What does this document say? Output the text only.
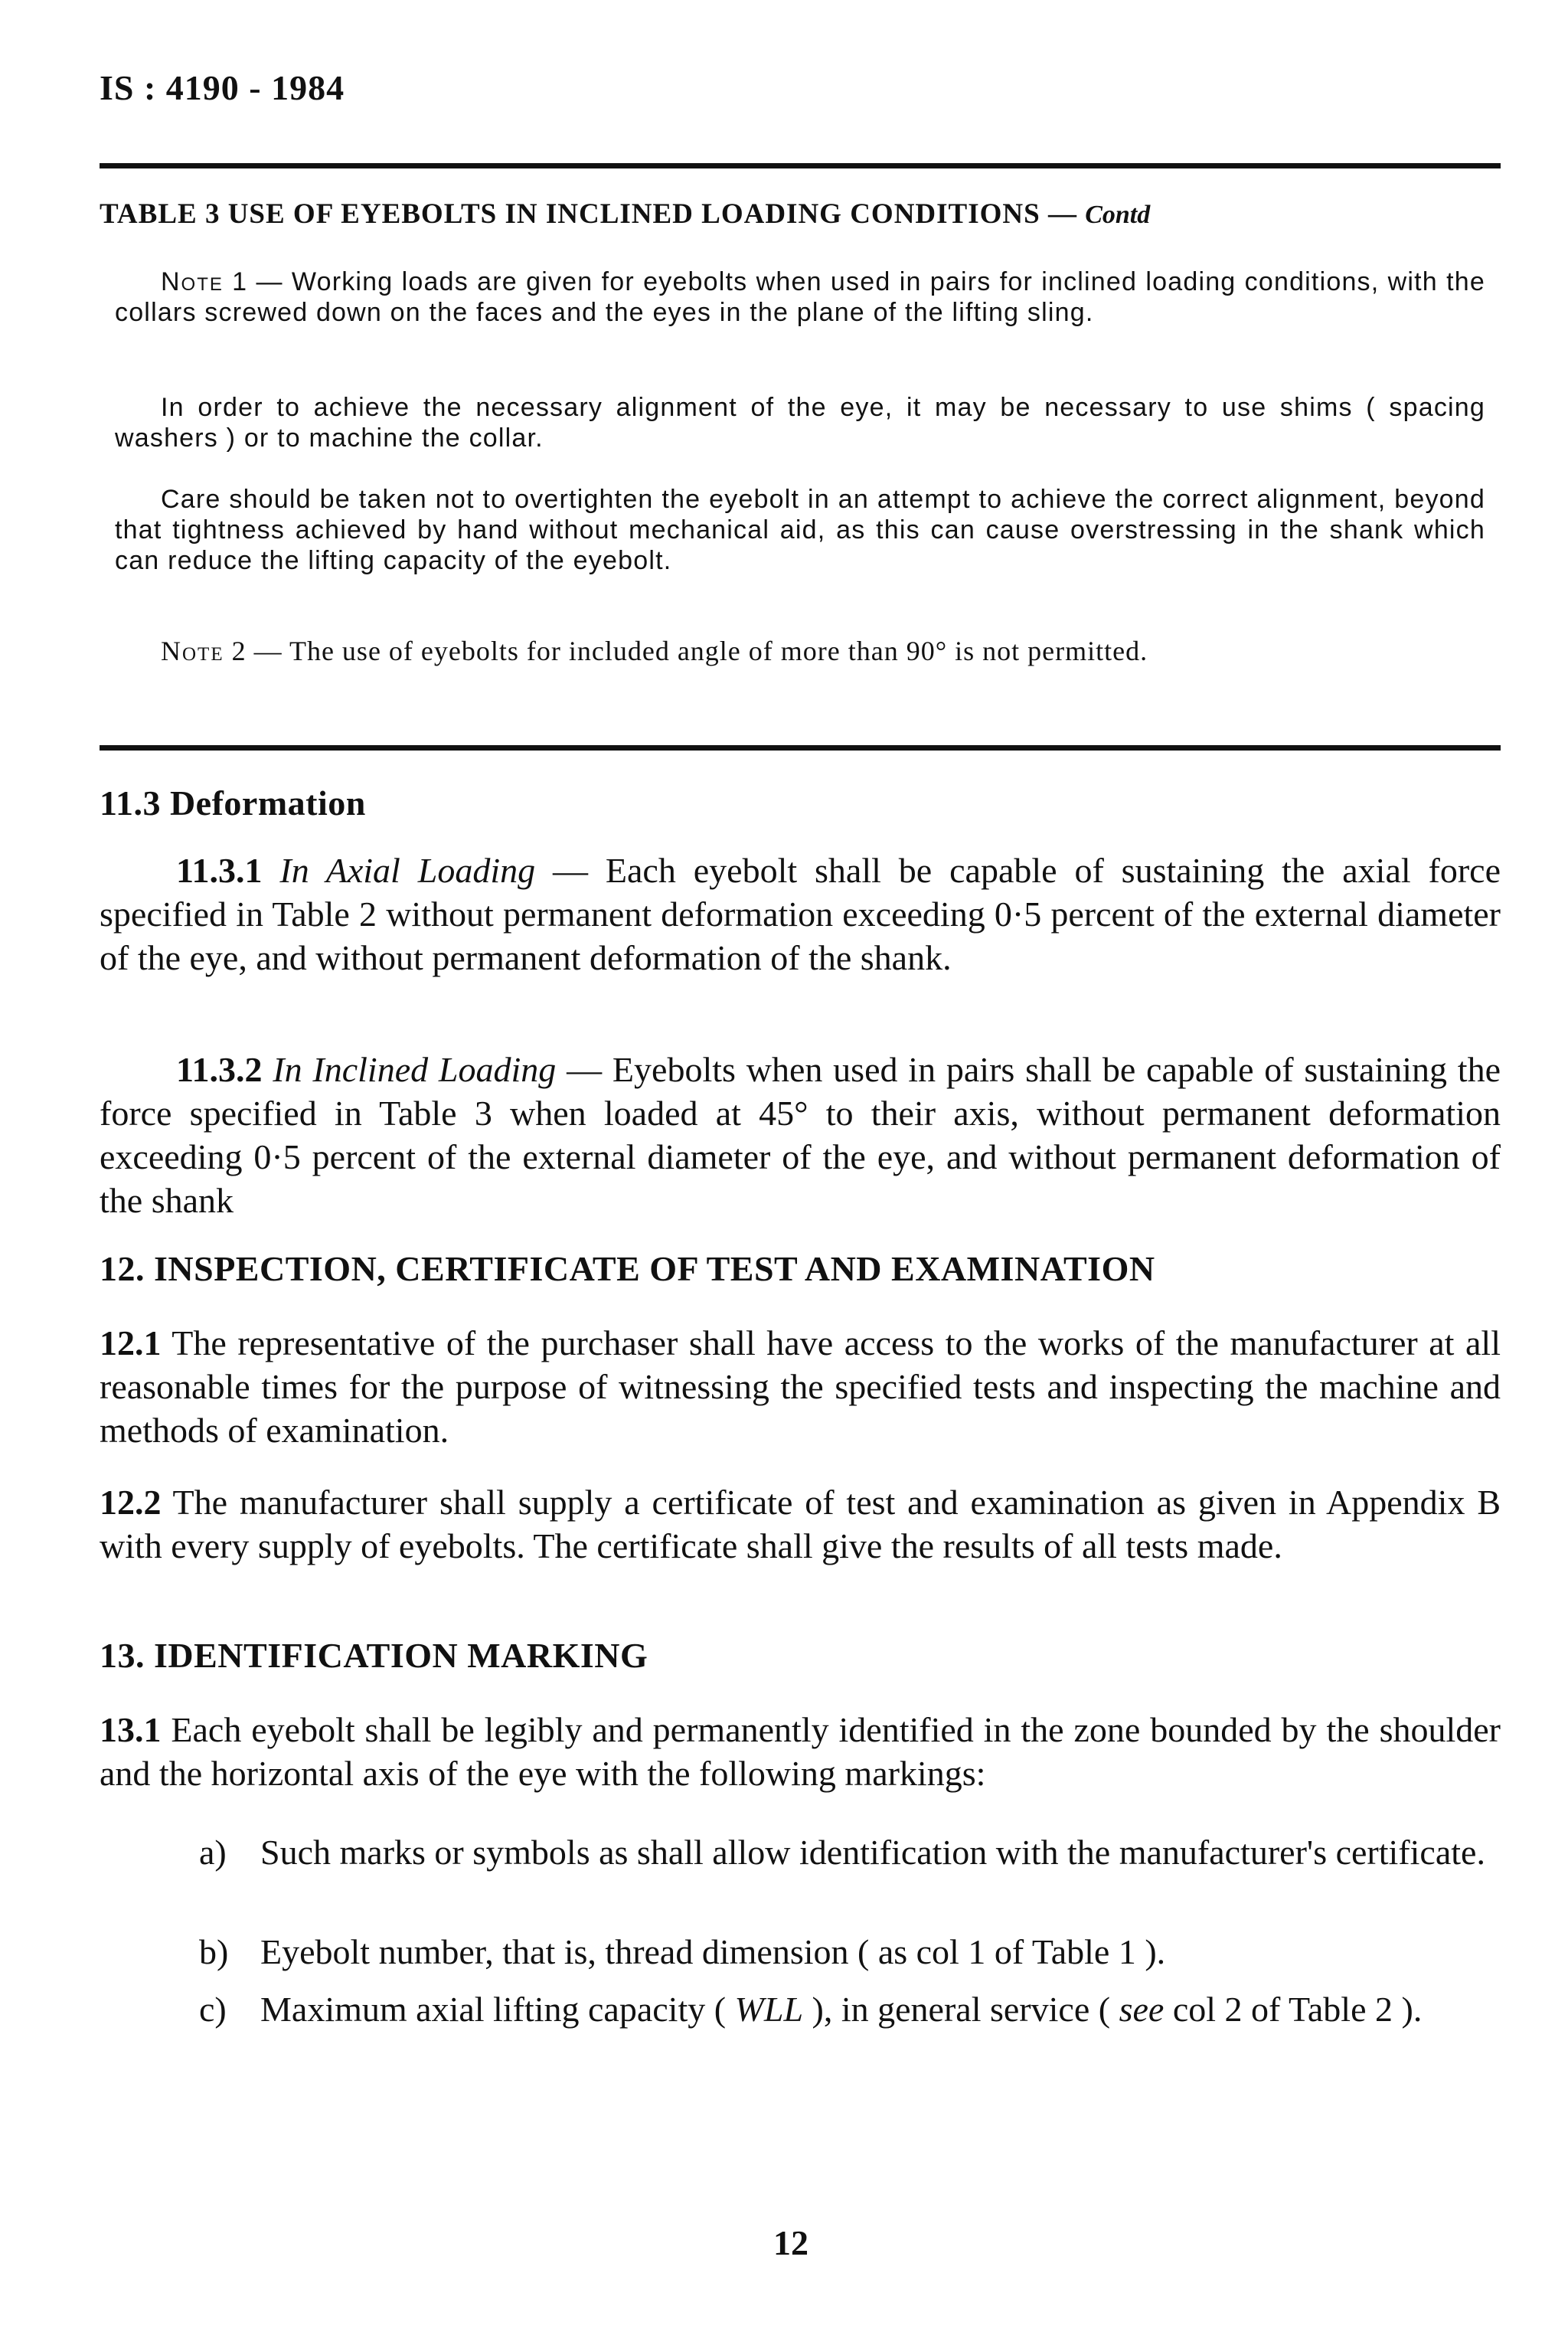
IS : 4190 - 1984
TABLE 3 USE OF EYEBOLTS IN INCLINED LOADING CONDITIONS — Contd
Note 1 — Working loads are given for eyebolts when used in pairs for inclined loading conditions, with the collars screwed down on the faces and the eyes in the plane of the lifting sling.
In order to achieve the necessary alignment of the eye, it may be necessary to use shims ( spacing washers ) or to machine the collar.
Care should be taken not to overtighten the eyebolt in an attempt to achieve the correct alignment, beyond that tightness achieved by hand without mechanical aid, as this can cause overstressing in the shank which can reduce the lifting capacity of the eyebolt.
Note 2 — The use of eyebolts for included angle of more than 90° is not permitted.
11.3 Deformation
11.3.1 In Axial Loading — Each eyebolt shall be capable of sustaining the axial force specified in Table 2 without permanent deformation exceeding 0·5 percent of the external diameter of the eye, and without permanent deformation of the shank.
11.3.2 In Inclined Loading — Eyebolts when used in pairs shall be capable of sustaining the force specified in Table 3 when loaded at 45° to their axis, without permanent deformation exceeding 0·5 percent of the external diameter of the eye, and without permanent deformation of the shank
12. INSPECTION, CERTIFICATE OF TEST AND EXAMINATION
12.1 The representative of the purchaser shall have access to the works of the manufacturer at all reasonable times for the purpose of witnessing the specified tests and inspecting the machine and methods of examination.
12.2 The manufacturer shall supply a certificate of test and examination as given in Appendix B with every supply of eyebolts. The certificate shall give the results of all tests made.
13. IDENTIFICATION MARKING
13.1 Each eyebolt shall be legibly and permanently identified in the zone bounded by the shoulder and the horizontal axis of the eye with the following markings:
a) Such marks or symbols as shall allow identification with the manufacturer's certificate.
b) Eyebolt number, that is, thread dimension ( as col 1 of Table 1 ).
c) Maximum axial lifting capacity ( WLL ), in general service ( see col 2 of Table 2 ).
12
